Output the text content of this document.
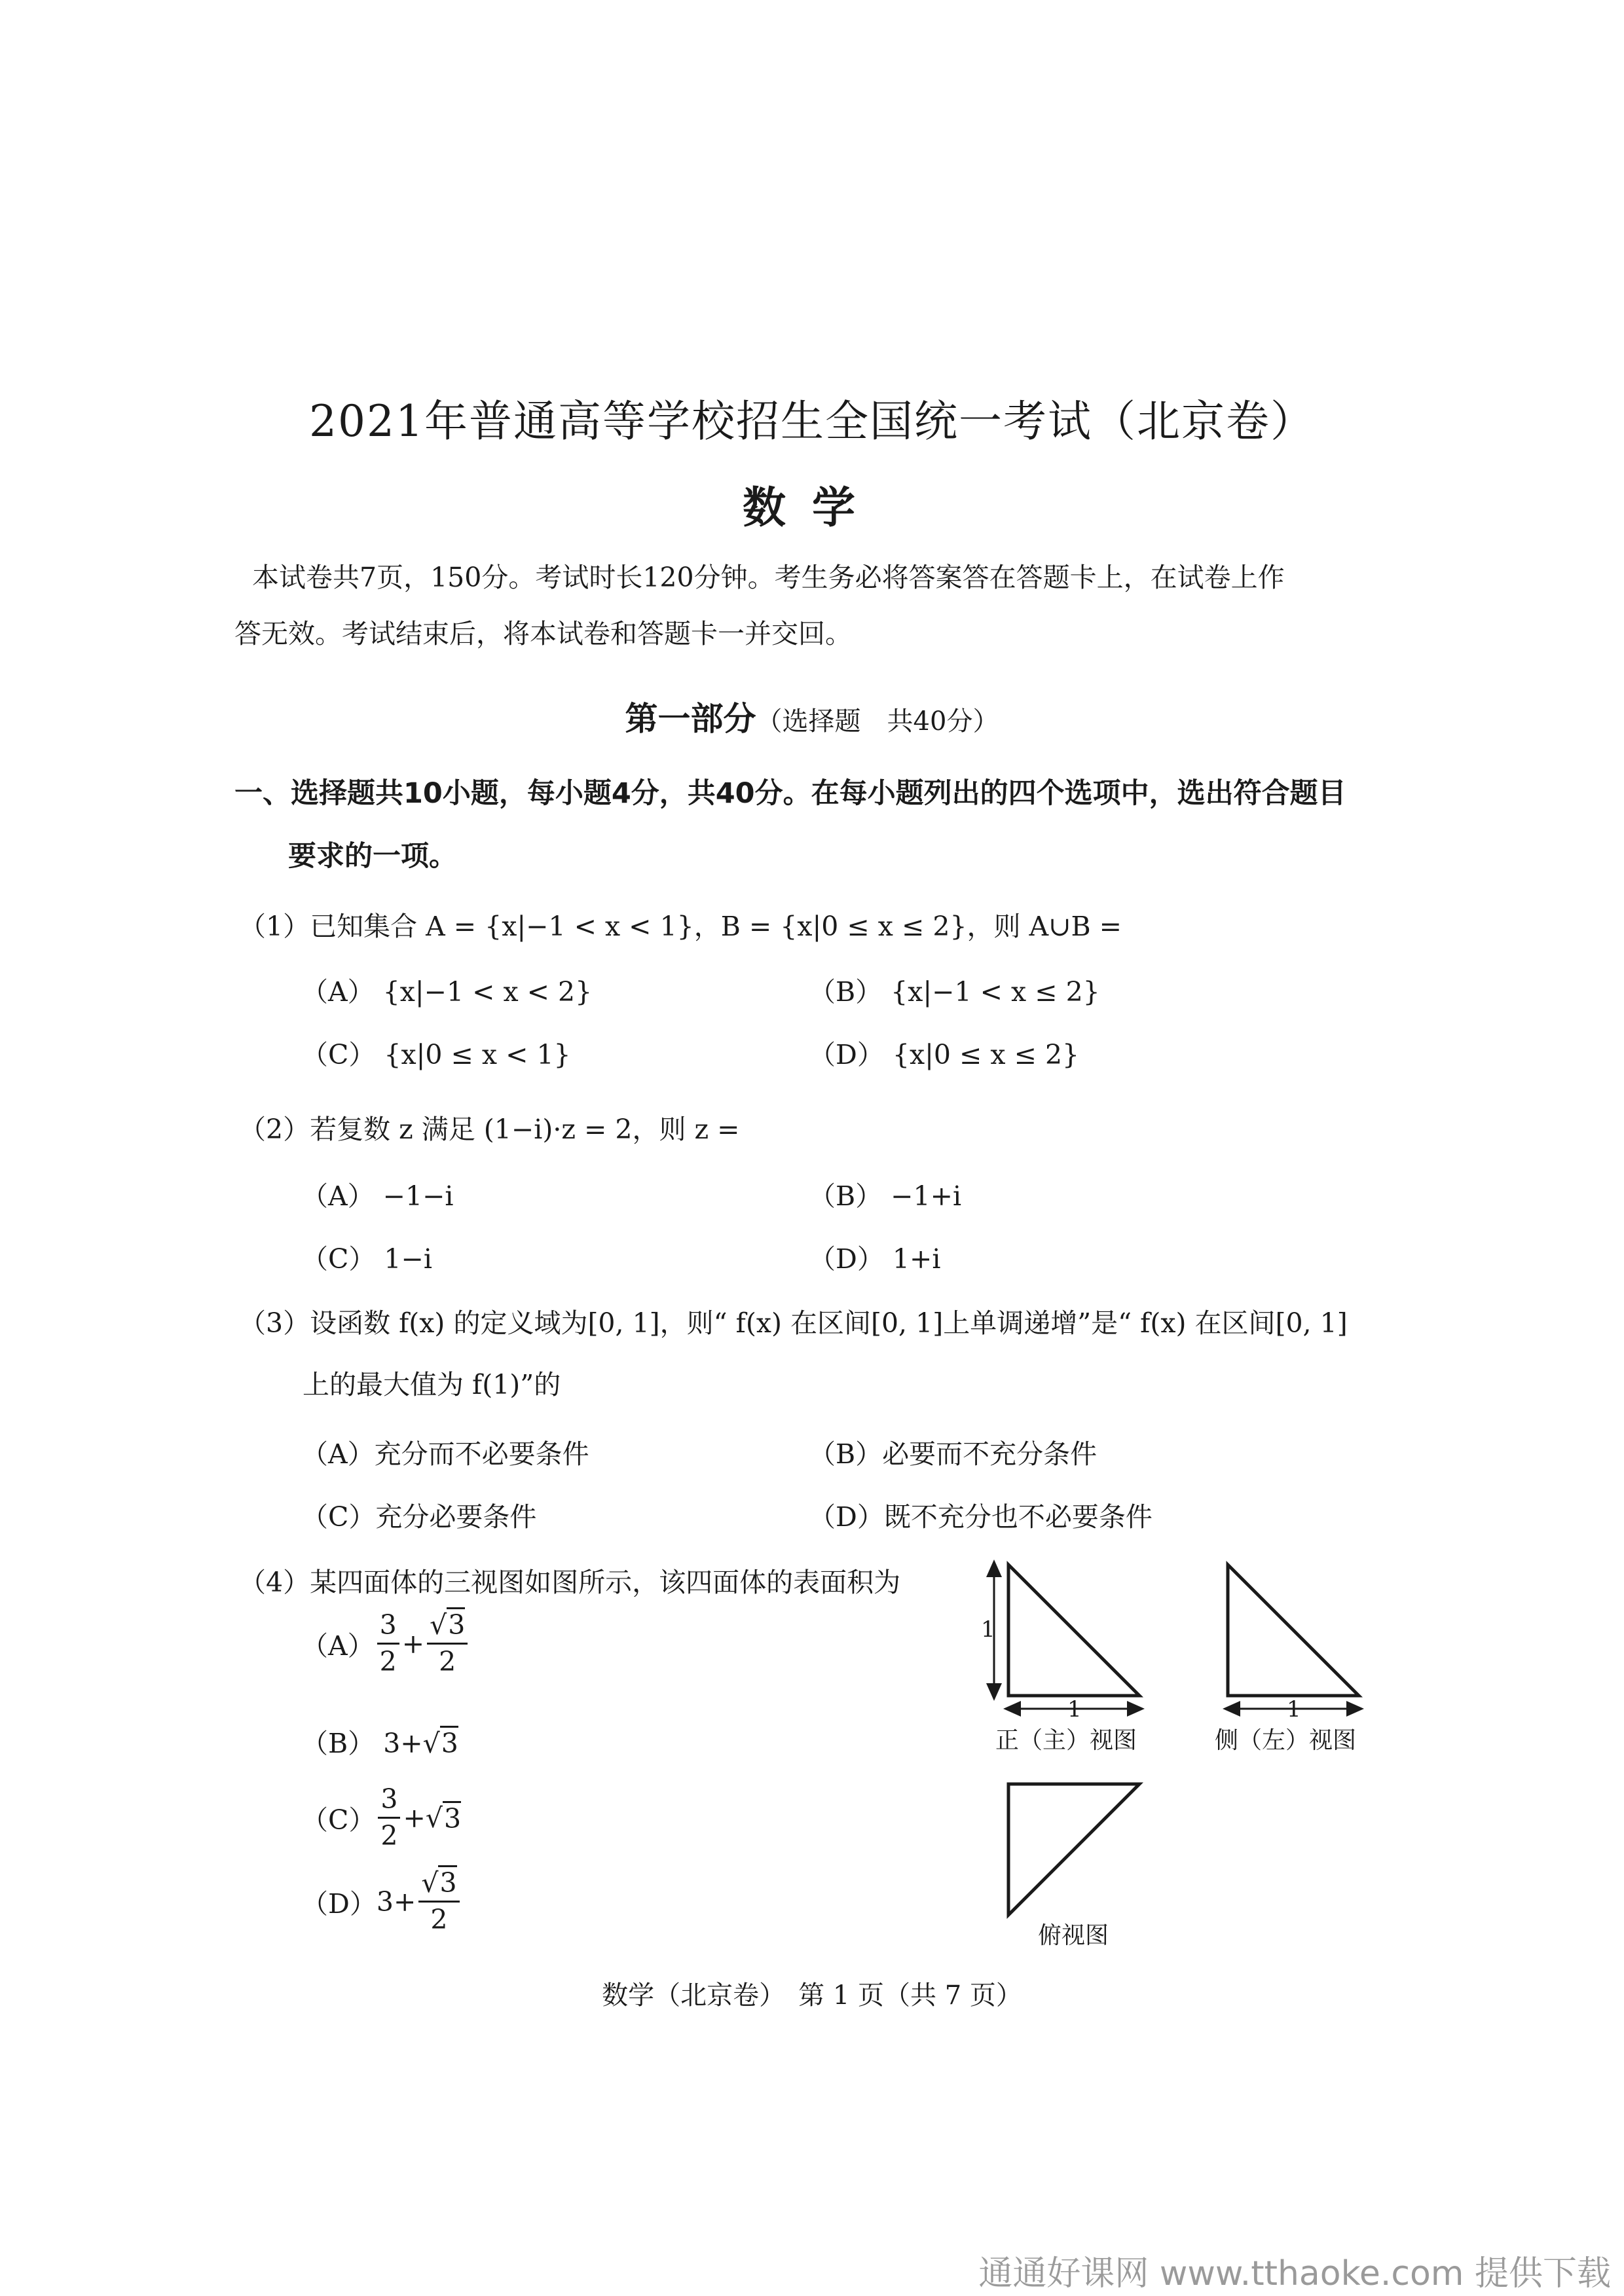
2021年普通高等学校招生全国统一考试（北京卷）
数学
本试卷共7页，150分。考试时长120分钟。考生务必将答案答在答题卡上，在试卷上作
答无效。考试结束后，将本试卷和答题卡一并交回。
第一部分（选择题　共40分）
一、选择题共10小题，每小题4分，共40分。在每小题列出的四个选项中，选出符合题目
要求的一项。
（1）已知集合 A = {x|−1 < x < 1}，B = {x|0 ≤ x ≤ 2}，则 A∪B =
（A） {x|−1 < x < 2}	（B） {x|−1 < x ≤ 2}
（C） {x|0 ≤ x < 1}	（D） {x|0 ≤ x ≤ 2}
（2）若复数 z 满足 (1−i)·z = 2，则 z =
（A） −1−i	（B） −1+i
（C） 1−i	（D） 1+i
（3）设函数 f(x) 的定义域为[0, 1]，则“ f(x) 在区间[0, 1]上单调递增”是“ f(x) 在区间[0, 1]
上的最大值为 f(1)”的
（A）充分而不必要条件	（B）必要而不充分条件
（C）充分必要条件	（D）既不充分也不必要条件
（4）某四面体的三视图如图所示，该四面体的表面积为
$(A) \frac{3}{2} + \frac{√3}{2}$
（B） 3+√3
$(C) \frac{3}{2}$ + √ 3
（D） $3 + \frac{√3}{2}$
1
1
正（主）视图
1
侧（左）视图
俯视图
数学（北京卷）　第 1 页（共 7 页）
通通好课网 www.tthaoke.com 提供下载
